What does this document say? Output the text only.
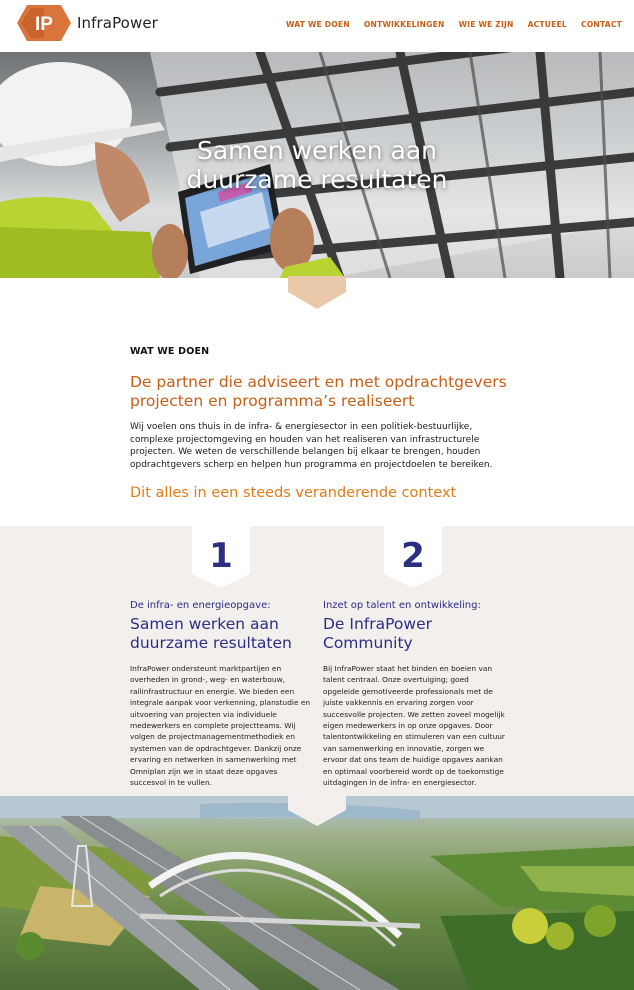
IP InfraPower	WAT WE DOEN ONTWIKKELINGEN WIE WE ZIJN ACTUEEL CONTACT
Samen werken aan
duurzame resultaten
WAT WE DOEN
De partner die adviseert en met opdrachtgevers projecten en programma’s realiseert
Wij voelen ons thuis in de infra- & energiesector in een politiek-bestuurlijke, complexe projectomgeving en houden van het realiseren van infrastructurele projecten. We weten de verschillende belangen bij elkaar te brengen, houden opdrachtgevers scherp en helpen hun programma en projectdoelen te bereiken.
Dit alles in een steeds veranderende context
1	2
De infra- en energieopgave:
Samen werken aan duurzame resultaten
InfraPower ondersteunt marktpartijen en overheden in grond-, weg- en waterbouw, railinfrastructuur en energie. We bieden een integrale aanpak voor verkenning, planstudie en uitvoering van projecten via individuele medewerkers en complete projectteams. Wij volgen de projectmanagementmethodiek en systemen van de opdrachtgever. Dankzij onze ervaring en netwerken in samenwerking met Omniplan zijn we in staat deze opgaves succesvol in te vullen.
Inzet op talent en ontwikkeling:
De InfraPower Community
Bij InfraPower staat het binden en boeien van talent centraal. Onze overtuiging; goed opgeleide gemotiveerde professionals met de juiste vakkennis en ervaring zorgen voor succesvolle projecten. We zetten zoveel mogelijk eigen medewerkers in op onze opgaves. Door talentontwikkeling en stimuleren van een cultuur van samenwerking en innovatie, zorgen we ervoor dat ons team de huidige opgaves aankan en optimaal voorbereid wordt op de toekomstige uitdagingen in de infra- en energiesector.
